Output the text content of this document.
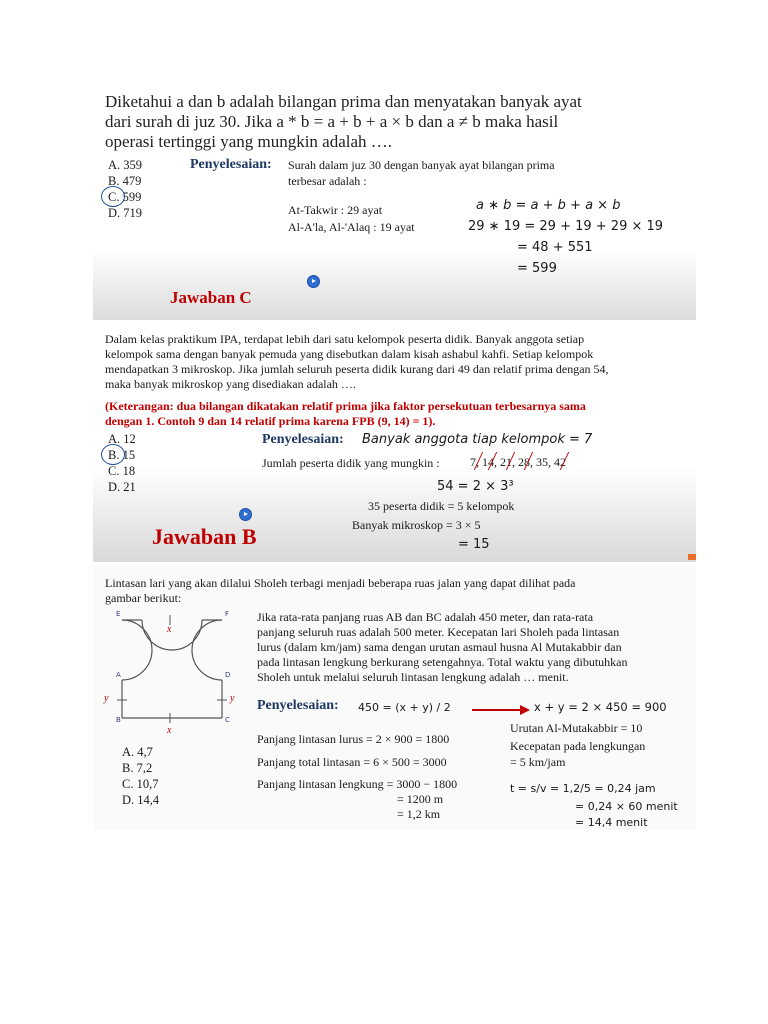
Diketahui a dan b adalah bilangan prima dan menyatakan banyak ayat
dari surah di juz 30. Jika a * b = a + b + a × b dan a ≠ b maka hasil
operasi tertinggi yang mungkin adalah ….
A. 359
B. 479
C. 599
D. 719
Penyelesaian: Surah dalam juz 30 dengan banyak ayat bilangan prima
terbesar adalah :
At-Takwir : 29 ayat
Al-A'la, Al-'Alaq : 19 ayat
a ∗ b = a + b + a × b
29 ∗ 19 = 29 + 19 + 29 × 19
= 48 + 551
= 599
Jawaban C
Dalam kelas praktikum IPA, terdapat lebih dari satu kelompok peserta didik. Banyak anggota setiap
kelompok sama dengan banyak pemuda yang disebutkan dalam kisah ashabul kahfi. Setiap kelompok
mendapatkan 3 mikroskop. Jika jumlah seluruh peserta didik kurang dari 49 dan relatif prima dengan 54,
maka banyak mikroskop yang disediakan adalah ….
(Keterangan: dua bilangan dikatakan relatif prima jika faktor persekutuan terbesarnya sama
dengan 1. Contoh 9 dan 14 relatif prima karena FPB (9, 14) = 1).
A. 12
B. 15
C. 18
D. 21
Penyelesaian: Banyak anggota tiap kelompok = 7
Jumlah peserta didik yang mungkin :	7, 14, 21, 28, 35, 42
54 = 2 × 3³
35 peserta didik = 5 kelompok
Banyak mikroskop = 3 × 5
= 15
Jawaban B
Lintasan lari yang akan dilalui Sholeh terbagi menjadi beberapa ruas jalan yang dapat dilihat pada
gambar berikut:
E	F
A	D
B	C
x
x
y	y
Jika rata-rata panjang ruas AB dan BC adalah 450 meter, dan rata-rata
panjang seluruh ruas adalah 500 meter. Kecepatan lari Sholeh pada lintasan
lurus (dalam km/jam) sama dengan urutan asmaul husna Al Mutakabbir dan
pada lintasan lengkung berkurang setengahnya. Total waktu yang dibutuhkan
Sholeh untuk melalui seluruh lintasan lengkung adalah … menit.
A. 4,7
B. 7,2
C. 10,7
D. 14,4
Penyelesaian: 450 = (x + y) / 2	x + y = 2 × 450 = 900
Urutan Al-Mutakabbir = 10
Kecepatan pada lengkungan
= 5 km/jam
Panjang lintasan lurus = 2 × 900 = 1800
Panjang total lintasan = 6 × 500 = 3000
Panjang lintasan lengkung = 3000 − 1800
= 1200 m
= 1,2 km
t = s/v = 1,2/5 = 0,24 jam
= 0,24 × 60 menit
= 14,4 menit
